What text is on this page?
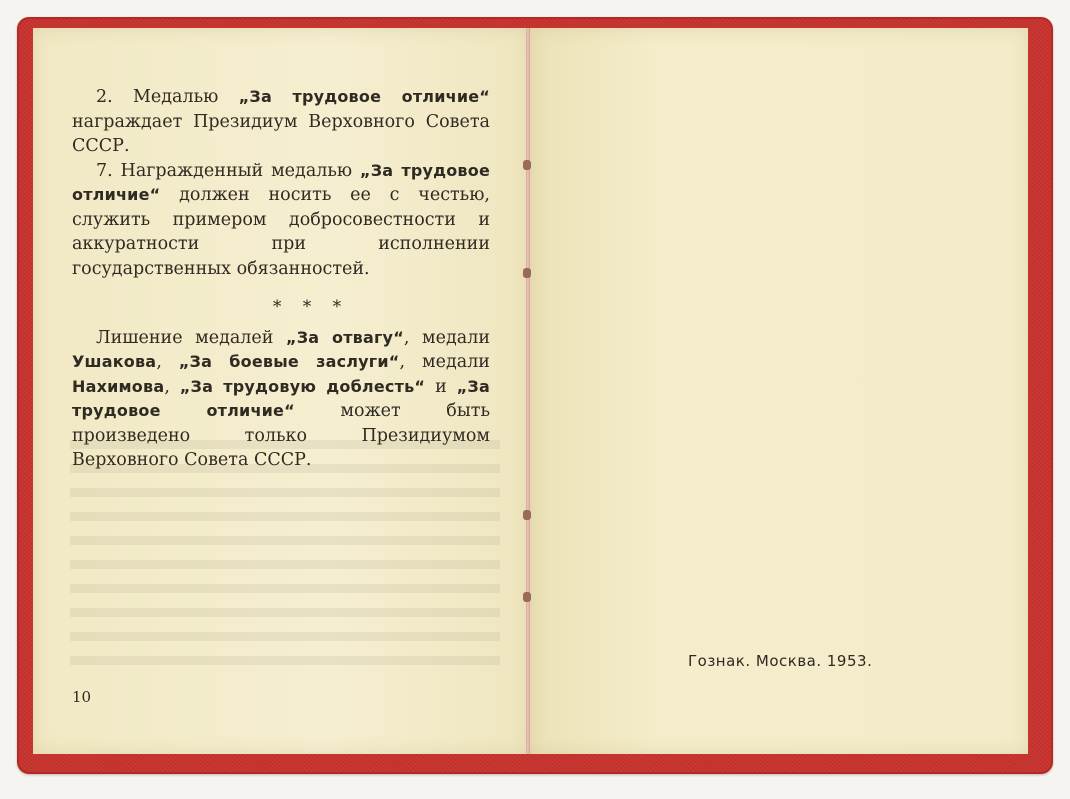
2. Медалью „За трудовое отличие“ награждает Президиум Верховного Совета СССР.

7. Награжденный медалью „За трудовое отличие“ должен носить ее с честью, служить примером добросовестности и аккуратности при исполнении государственных обязанностей.

* * *

Лишение медалей „За отвагу“, медали Ушакова, „За боевые заслуги“, медали Нахимова, „За трудовую доблесть“ и „За трудовое отличие“ может быть произведено только Президиумом Верховного Совета СССР.

10
Гознак. Москва. 1953.
